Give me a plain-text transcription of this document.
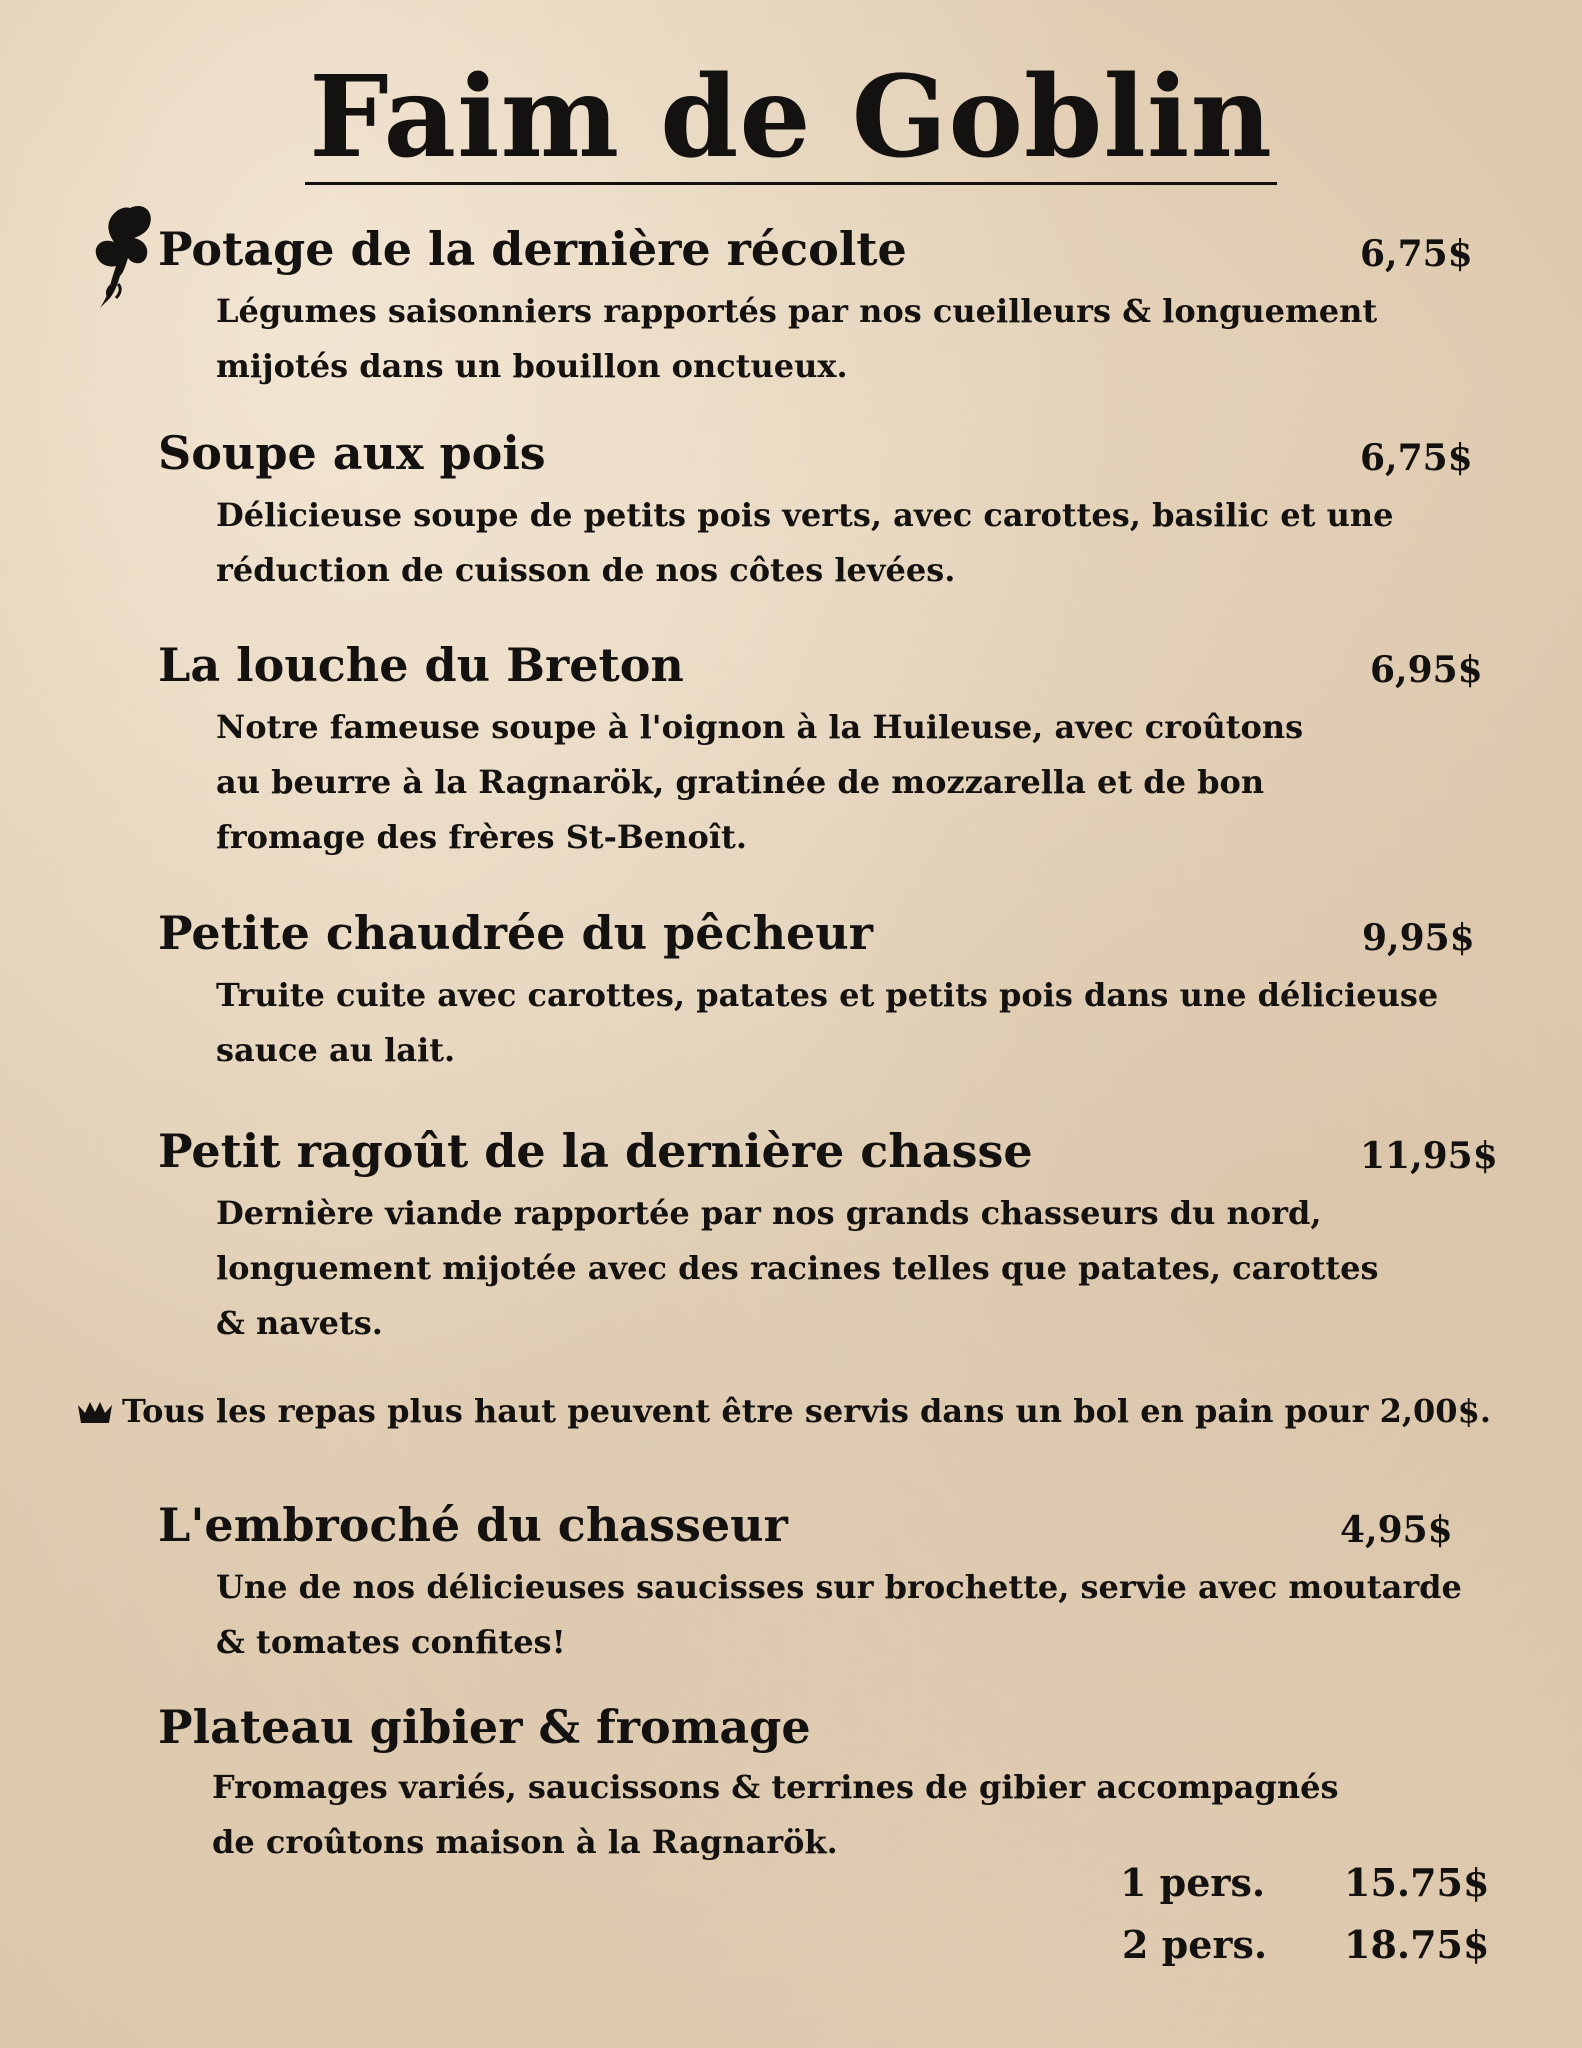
Faim de Goblin
Potage de la dernière récolte	6,75$
Légumes saisonniers rapportés par nos cueilleurs & longuement
mijotés dans un bouillon onctueux.
Soupe aux pois	6,75$
Délicieuse soupe de petits pois verts, avec carottes, basilic et une
réduction de cuisson de nos côtes levées.
La louche du Breton	6,95$
Notre fameuse soupe à l'oignon à la Huileuse, avec croûtons
au beurre à la Ragnarök, gratinée de mozzarella et de bon
fromage des frères St-Benoît.
Petite chaudrée du pêcheur	9,95$
Truite cuite avec carottes, patates et petits pois dans une délicieuse
sauce au lait.
Petit ragoût de la dernière chasse	11,95$
Dernière viande rapportée par nos grands chasseurs du nord,
longuement mijotée avec des racines telles que patates, carottes
& navets.
Tous les repas plus haut peuvent être servis dans un bol en pain pour 2,00$.
L'embroché du chasseur	4,95$
Une de nos délicieuses saucisses sur brochette, servie avec moutarde
& tomates confites!
Plateau gibier & fromage
Fromages variés, saucissons & terrines de gibier accompagnés
de croûtons maison à la Ragnarök.
1 pers. 15.75$
2 pers. 18.75$
